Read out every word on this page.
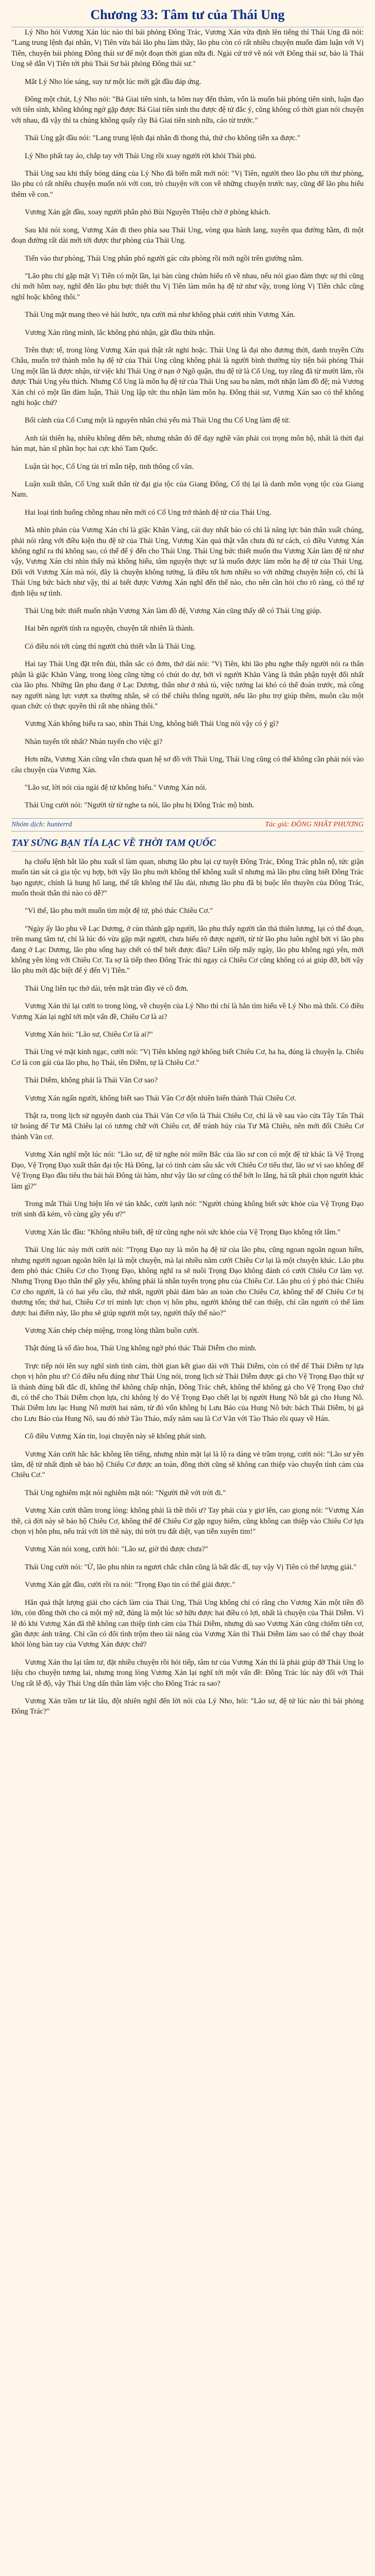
Chương 33: Tâm tư của Thái Ung

Lý Nho hỏi Vương Xán lúc nào thì bái phỏng Đông Trác, Vương Xán vừa định lên tiếng thì Thái Ung đã nói: "Lang trung lệnh đại nhân, Vị Tiên vừa bái lão phu làm thầy, lão phu còn có rất nhiều chuyện muốn đàm luận với Vị Tiên, chuyện bái phỏng Đông thái sư để một đoạn thời gian nữa đi. Ngài cứ trở về nói với Đông thái sư, bảo là Thái Ung sẽ dẫn Vị Tiên tới phủ Thái Sư bái phỏng Đông thái sư."

Mắt Lý Nho lóe sáng, suy tư một lúc mới gật đầu đáp ứng.

Đông một chút, Lý Nho nói: "Bá Giai tiên sinh, ta hôm nay đến thăm, vốn là muốn bái phỏng tiên sinh, luận đạo với tiên sinh, không không ngờ gặp được Bá Giai tiên sinh thu được đệ tử đắc ý, cũng không có thời gian nói chuyện với nhau, đã vậy thì ta chúng không quấy rầy Bá Giai tiên sinh nữa, cáo từ trước."

Thái Ung gật đầu nói: "Lang trung lệnh đại nhân đi thong thả, thứ cho không tiễn xa được."

Lý Nho phất tay áo, chắp tay với Thái Ung rồi xoay người rời khỏi Thái phủ.

Thái Ung sau khi thấy bóng dáng của Lý Nho đã biến mất mới nói: "Vị Tiên, người theo lão phu tới thư phòng, lão phu có rất nhiều chuyện muốn nói với con, trò chuyện với con về những chuyện trước nay, cũng để lão phu hiểu thêm về con."

Vương Xán gật đầu, xoay người phân phó Bùi Nguyên Thiệu chờ ở phòng khách.

Sau khi nói xong, Vương Xán đi theo phía sau Thái Ung, vòng qua hành lang, xuyên qua đường hầm, đi một đoạn đường rất dài mới tới được thư phòng của Thái Ung.

Tiến vào thư phòng, Thái Ung phân phó người gác cửa phòng rồi mới ngồi trên giường nằm.

"Lão phu chỉ gặp mặt Vị Tiên có một lần, lại bàn cùng chúm hiểu rõ về nhau, nếu nói giao đàm thực sự thì cũng chỉ mới hôm nay, nghĩ đến lão phu bực thiết thu Vị Tiên làm môn hạ đệ tử như vậy, trong lòng Vị Tiên chắc cũng nghĩ hoặc không thôi."

Thái Ung mặt mang theo vẻ hài hước, tựa cười mà như không phải cười nhìn Vương Xán.

Vương Xán rũng mình, lắc không phủ nhận, gật đầu thừa nhận.

Trên thực tế, trong lòng Vương Xán quả thật rất nghi hoặc. Thái Ung là đại nho đương thời, danh truyền Cửu Châu, muốn trở thành môn hạ đệ tử của Thái Ung cũng không phải là người bình thường tùy tiện bái phỏng Thái Ung một lần là được nhận, từ việc khi Thái Ung ở nạn ở Ngô quận, thu đệ tử là Cố Ung, tuy rằng đã từ mười lăm, rồi được Thái Ung yêu thích. Nhưng Cố Ung là môn hạ đệ tử của Thái Ung sau ba năm, mới nhận làm đồ đệ; mà Vương Xán chỉ có một lần đàm luận, Thái Ung lập tức thu nhận làm môn hạ. Đông thái sư, Vương Xán sao có thể không nghi hoặc chứ?

Bối cảnh của Cố Cung một là nguyên nhân chủ yếu mà Thái Ung thu Cố Ung làm đệ tử.

Anh tài thiên hạ, nhiều không đếm hết, nhưng nhân đó để dạy nghề văn phải coi trọng môn hộ, nhất là thời đại hán mạt, hàn sĩ phần học hai cực khó Tam Quốc.

Luận tài học, Cố Ung tài trí mẫn tiệp, tinh thông cổ văn.

Luận xuất thân, Cố Ung xuất thân từ đại gia tộc của Giang Đông, Cố thị lại là danh môn vọng tộc của Giang Nam.

Hai loại tình huống chồng nhau nên mới có Cố Ung trở thành đệ tử của Thái Ung.

Mà nhìn phản của Vương Xán chỉ là giặc Khăn Vàng, cái duy nhất bảo có chỉ là năng lực bản thân xuất chúng, phải nói rằng với điều kiện thu đệ tử của Thái Ung, Vương Xán quả thật vẫn chưa đủ tư cách, có điều Vương Xán không nghĩ ra thì không sao, có thể để ý đến cho Thái Ung. Thái Ung bức thiết muốn thu Vương Xán làm đệ tử như vậy, Vương Xán chỉ nhìn thấy mà không hiểu, tâm nguyện thực sự là muốn được làm môn hạ đệ tử của Thái Ung. Đối với Vương Xán mà nói, đây là chuyện không tưởng, là điều tốt hơn nhiều so với những chuyện hiện có, chỉ là Thái Ung bức bách như vậy, thì ai biết được Vương Xán nghĩ đến thế nào, cho nên cần hỏi cho rõ ràng, có thể tự định liệu sự tình.

Thái Ung bức thiết muốn nhận Vương Xán làm đồ đệ, Vương Xán cũng thấy dễ có Thái Ung giúp.

Hai bên người tính ra nguyện, chuyện tất nhiên là thành.

Có điều nói tới cùng thì người chủ thiết vẫn là Thái Ung.

Hai tay Thái Ung đặt trên đùi, thân sắc có đơm, thở dài nói: "Vị Tiên, khi lão phu nghe thấy người nói ra thân phận là giặc Khăn Vàng, trong lòng cũng từng có chút do dự, bởi vì người Khăn Vàng là thân phận tuyệt đối nhất của lão phu. Những lần phu đang ở Lạc Dương, thân như ở nhà tù, việc tướng lai khó có thể đoán trước, mà công nay người nàng lực vượt xa thường nhân, sẽ có thể chiêu thông người, nếu lão phu trợ giúp thêm, muôn cầu một quan chức có thực quyền thì rất nhẹ nhàng thôi."

Vương Xán không hiểu ra sao, nhìn Thái Ung, không biết Thái Ung nói vậy có ý gì?

Nhàn tuyển tốt nhất? Nhàn tuyển cho việc gì?

Hơn nữa, Vương Xán cũng vẫn chưa quan hệ sơ đồ với Thái Ung, Thái Ung cũng có thể không cần phải nói vào câu chuyện của Vương Xán.

"Lão sư, lời nói của ngài đệ tử không hiểu." Vương Xán nói.

Thái Ung cười nói: "Người từ từ nghe ta nói, lão phu bị Đông Trác mộ binh.

Nhóm dịch: hunterrd	Tác giả: ĐÔNG NHẤT PHƯƠNG
TAY SỬNG BẠN TÍA LẠC VỀ THỜI TAM QUỐC

hạ chiếu lệnh bắt lão phu xuất sĩ làm quan, nhưng lão phu lại cự tuyệt Đông Trác, Đông Trác phẫn nộ, tức giận muốn tàn sát cả gia tộc vụ hợp, bởi vậy lão phu mới không thể không xuất sĩ nhưng mà lão phu cũng biết Đông Trác bạo ngược, chính là hung hổ lang, thế tất không thể lâu dài, nhưng lão phu đã bị buộc lên thuyền của Đông Trác, muốn thoát thân thì nào có dễ?"

"Vì thế, lão phu mới muốn tìm một đệ tử, phó thác Chiêu Cơ."

"Ngày ấy lão phu về Lạc Dương, ở cùn thành gặp người, lão phu thấy người tân thả thiên lương, lại có thể đoạn, trên mang tâm tư, chỉ là lúc đó vừa gặp mặt người, chưa hiểu rõ được người, từ từ lão phu luôn nghĩ bởi vì lão phu đang ở Lạc Dương, lão phu sống hay chết có thể biết được đâu? Liên tiếp mấy ngày, lão phu không ngủ yên, mới không yên lòng với Chiêu Cơ. Ta sợ là tiếp theo Đông Trác thì ngay cả Chiêu Cơ cũng không có ai giúp đỡ, bởi vậy lão phu mới đặc biệt để ý đến Vị Tiên."

Thái Ung liên tục thở dài, trên mặt tràn đầy vẻ cô đơn.

Vương Xán thì lại cười to trong lòng, về chuyện của Lý Nho thì chỉ là hắn tìm hiểu về Lý Nho mà thôi. Có điều Vương Xán lại nghĩ tới một vấn đề, Chiêu Cơ là ai?

Vương Xán hỏi: "Lão sư, Chiêu Cơ là ai?"

Thái Ung vẻ mặt kinh ngạc, cười nói: "Vị Tiên không ngờ không biết Chiêu Cơ, ha ha, đúng là chuyện lạ. Chiêu Cơ là con gái của lão phu, họ Thái, tên Diễm, tự là Chiêu Cơ."

Thái Diễm, không phải là Thái Văn Cơ sao?

Vương Xán ngẩn người, không biết sao Thái Văn Cơ đột nhiên biến thành Thái Chiêu Cơ.

Thật ra, trong lịch sử nguyên danh của Thái Văn Cơ vốn là Thái Chiêu Cơ, chỉ là về sau vào cửa Tây Tấn Thái tử hoàng đế Tư Mã Chiêu lại có tương chữ với Chiêu cơ, để tránh húy của Tư Mã Chiêu, nên mới đổi Chiêu Cơ thành Văn cơ.

Vương Xán nghĩ một lúc nói: "Lão sư, đệ tử nghe nói miền Bắc của lão sư con có một đệ tử khác là Vệ Trọng Đạo, Vệ Trọng Đạo xuất thân đại tộc Hà Đông, lại có tinh cảm sâu sắc với Chiêu Cơ tiểu thư, lão sư vì sao không để Vệ Trọng Đạo đầu tiêu thu bái bái Đông tài hàm, như vậy lão sư cũng có thể bớt lo lắng, há tất phải chọn người khác làm gì?"

Trong mắt Thái Ung hiện lên vẻ tán khắc, cười lạnh nói: "Người chúng không biết sức khỏe của Vệ Trọng Đạo trời sinh đã kém, vô cùng gầy yếu ư?"

Vương Xán lắc đầu: "Không nhiều biết, đệ tử cũng nghe nói sức khỏe của Vệ Trọng Đạo không tốt lắm."

Thái Ung lúc này mới cười nói: "Trọng Đạo tuy là môn hạ đệ tử của lão phu, cũng ngoan ngoãn ngoan hiền, nhưng người ngoan ngoãn hiền lại là một chuyện, mà lại nhiều năm cưới Chiêu Cơ lại là một chuyện khác. Lão phu đem phó thác Chiêu Cơ cho Trọng Đạo, không nghĩ ra sẽ nuôi Trọng Đạo không đánh có cưới Chiêu Cơ làm vợ. Nhưng Trọng Đạo thân thể gầy yếu, không phải là nhân tuyển trọng phu của Chiêu Cơ. Lão phu có ý phó thác Chiêu Cơ cho người, là có hai yếu cầu, thứ nhất, người phải đảm bảo an toàn cho Chiêu Cơ, không thể để Chiêu Cơ bị thương tổn; thứ hai, Chiêu Cơ trí minh lực chọn vị hôn phu, người không thể can thiệp, chỉ cần người có thể làm được hai điểm này, lão phu sẽ giúp người một tay, người thấy thế nào?"

Vương Xán chép chép miệng, trong lòng thầm buồn cười.

Thật đúng là số đào hoa, Thái Ung không ngờ phó thác Thái Diễm cho mình.

Trực tiếp nói lên suy nghĩ sinh tình cảm, thời gian kết giao dài với Thái Diễm, còn có thể để Thái Diễm tự lựa chọn vị hôn phu ư? Có điều nếu đúng như Thái Ung nói, trong lịch sử Thái Diễm được gả cho Vệ Trọng Đạo thật sự là thành đúng bất đắc dĩ, không thể không chấp nhận, Đông Trác chết, không thể không gả cho Vệ Trọng Đạo chứ đi, có thể cho Thái Diễm chọn lựa, chỉ không lý do Vệ Trọng Đạo chết lại bị người Hung Nô bắt gả cho Hung Nô. Thái Diễm lưu lạc Hung Nô mười hai năm, từ đó vốn không bị Lưu Báo của Hung Nô bức bách Thái Diễm, bị gả cho Lưu Báo của Hung Nô, sau đó nhờ Tào Tháo, mấy năm sau là Cơ Văn với Tào Tháo rồi quay về Hán.

Cô điều Vương Xán tin, loại chuyện này sẽ không phát sinh.

Vương Xán cười hắc hắc không lên tiếng, nhưng nhìn mặt lại là lộ ra dáng vẻ trầm trọng, cười nói: "Lão sư yên tâm, đệ tử nhất định sẽ bảo hộ Chiêu Cơ được an toàn, đồng thời cũng sẽ không can thiệp vào chuyện tình cảm của Chiêu Cơ."

Thái Ung nghiêm mặt nói nghiêm mặt nói: "Người thề với trời đi."

Vương Xán cười thầm trong lòng: không phải là thề thôi ư? Tay phải của y giơ lên, cao giọng nói: "Vương Xán thề, cả đời này sẽ bảo hộ Chiêu Cơ, không thể để Chiêu Cơ gặp nguy hiểm, cũng không can thiệp vào Chiêu Cơ lựa chọn vị hôn phu, nếu trái với lời thề này, thì trời tru đất diệt, vạn tiễn xuyên tim!"

Vương Xán nói xong, cười hỏi: "Lão sư, giờ thì được chưa?"

Thái Ung cười nói: "Ừ, lão phu nhìn ra ngươi chắc chắn cũng là bất đắc dĩ, tuy vậy Vị Tiên có thể lượng giải."

Vương Xán gật đầu, cười rồi ra nói: "Trọng Đạo tin có thể giải được."

Hắn quả thật lượng giải cho cách làm của Thái Ung, Thái Ung không chỉ có rằng cho Vương Xán một tiền đồ lớn, còn đồng thời cho cả một mỹ nữ, đúng là một lúc sở hữu được hai điều có lợi, nhất là chuyện của Thái Diễm. Vì lẽ đó khi Vương Xán đã thề không can thiệp tình cảm của Thái Diễm, nhưng dù sao Vương Xán cũng chiếm tiên cơ, gần được ánh trăng. Chỉ cần có đôi tình trộm theo tài năng của Vương Xán thì Thái Diễm làm sao có thể chạy thoát khỏi lòng bàn tay của Vương Xán được chứ?

Vương Xán thu lại tâm tư, đặt nhiều chuyện rồi hỏi tiếp, tâm tư của Vương Xán thì là phải giúp đỡ Thái Ung lo liệu cho chuyện tương lai, nhưng trong lòng Vương Xán lại nghĩ tới một vấn đề: Đông Trác lúc này đối với Thái Ung rất lễ độ, vậy Thái Ung dấn thân làm việc cho Đông Trác ra sao?

Vương Xán trầm tư lát lâu, đột nhiên nghĩ đến lời nói của Lý Nho, hỏi: "Lão sư, đệ tử lúc nào thì bái phỏng Đông Trác?"
